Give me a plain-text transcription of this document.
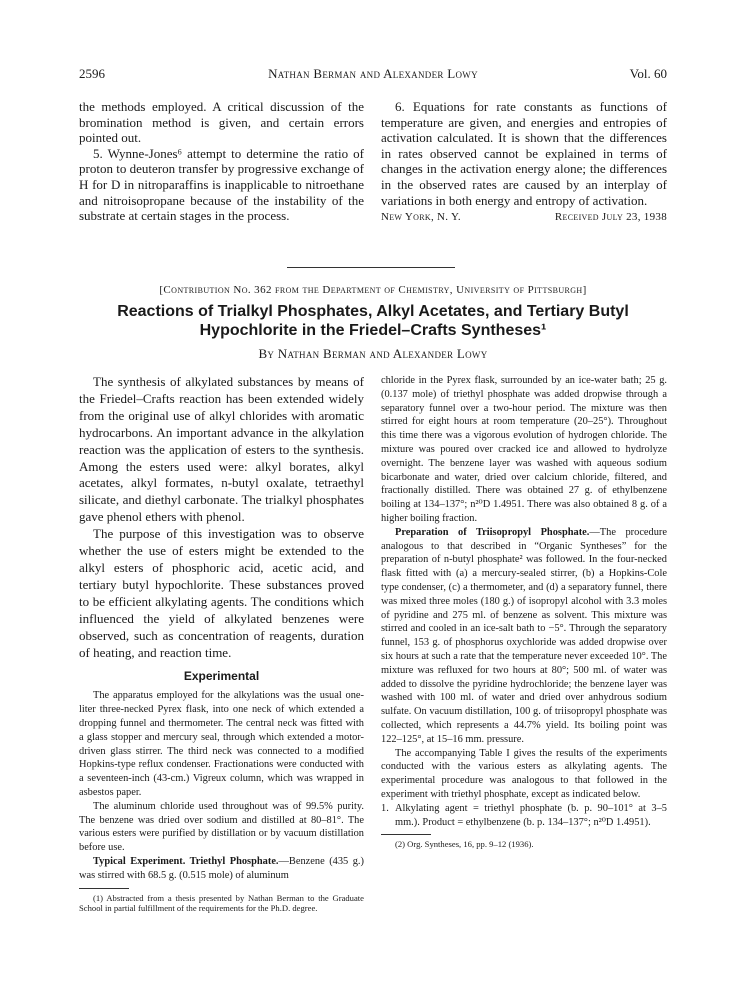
2596	Nathan Berman and Alexander Lowy	Vol. 60

the methods employed. A critical discussion of the bromination method is given, and certain errors pointed out.

5. Wynne-Jones⁶ attempt to determine the ratio of proton to deuteron transfer by progressive exchange of H for D in nitroparaffins is inapplicable to nitroethane and nitroisopropane because of the instability of the substrate at certain stages in the process.

6. Equations for rate constants as functions of temperature are given, and energies and entropies of activation calculated. It is shown that the differences in rates observed cannot be explained in terms of changes in the activation energy alone; the differences in the observed rates are caused by an interplay of variations in both energy and entropy of activation.

New York, N. Y.	Received July 23, 1938
[Contribution No. 362 from the Department of Chemistry, University of Pittsburgh]
Reactions of Trialkyl Phosphates, Alkyl Acetates, and Tertiary Butyl Hypochlorite in the Friedel–Crafts Syntheses¹
By Nathan Berman and Alexander Lowy

The synthesis of alkylated substances by means of the Friedel–Crafts reaction has been extended widely from the original use of alkyl chlorides with aromatic hydrocarbons. An important advance in the alkylation reaction was the application of esters to the synthesis. Among the esters used were: alkyl borates, alkyl acetates, alkyl formates, n-butyl oxalate, tetraethyl silicate, and diethyl carbonate. The trialkyl phosphates gave phenol ethers with phenol.

The purpose of this investigation was to observe whether the use of esters might be extended to the alkyl esters of phosphoric acid, acetic acid, and tertiary butyl hypochlorite. These substances proved to be efficient alkylating agents. The conditions which influenced the yield of alkylated benzenes were observed, such as concentration of reagents, duration of heating, and reaction time.

Experimental

The apparatus employed for the alkylations was the usual one-liter three-necked Pyrex flask, into one neck of which extended a dropping funnel and thermometer. The central neck was fitted with a glass stopper and mercury seal, through which extended a motor-driven glass stirrer. The third neck was connected to a modified Hopkins-type reflux condenser. Fractionations were conducted with a seventeen-inch (43-cm.) Vigreux column, which was wrapped in asbestos paper.

The aluminum chloride used throughout was of 99.5% purity. The benzene was dried over sodium and distilled at 80–81°. The various esters were purified by distillation or by vacuum distillation before use.

Typical Experiment. Triethyl Phosphate.—Benzene (435 g.) was stirred with 68.5 g. (0.515 mole) of aluminum

(1) Abstracted from a thesis presented by Nathan Berman to the Graduate School in partial fulfillment of the requirements for the Ph.D. degree.

chloride in the Pyrex flask, surrounded by an ice-water bath; 25 g. (0.137 mole) of triethyl phosphate was added dropwise through a separatory funnel over a two-hour period. The mixture was then stirred for eight hours at room temperature (20–25°). Throughout this time there was a vigorous evolution of hydrogen chloride. The mixture was poured over cracked ice and allowed to hydrolyze overnight. The benzene layer was washed with aqueous sodium bicarbonate and water, dried over calcium chloride, filtered, and fractionally distilled. There was obtained 27 g. of ethylbenzene boiling at 134–137°; n²⁰D 1.4951. There was also obtained 8 g. of a higher boiling fraction.

Preparation of Triisopropyl Phosphate.—The procedure analogous to that described in “Organic Syntheses” for the preparation of n-butyl phosphate² was followed. In the four-necked flask fitted with (a) a mercury-sealed stirrer, (b) a Hopkins-Cole type condenser, (c) a thermometer, and (d) a separatory funnel, there was mixed three moles (180 g.) of isopropyl alcohol with 3.3 moles of pyridine and 275 ml. of benzene as solvent. This mixture was stirred and cooled in an ice-salt bath to −5°. Through the separatory funnel, 153 g. of phosphorus oxychloride was added dropwise over six hours at such a rate that the temperature never exceeded 10°. The mixture was refluxed for two hours at 80°; 500 ml. of water was added to dissolve the pyridine hydrochloride; the benzene layer was washed with 100 ml. of water and dried over anhydrous sodium sulfate. On vacuum distillation, 100 g. of triisopropyl phosphate was collected, which represents a 44.7% yield. Its boiling point was 122–125°, at 15–16 mm. pressure.

The accompanying Table I gives the results of the experiments conducted with the various esters as alkylating agents. The experimental procedure was analogous to that followed in the experiment with triethyl phosphate, except as indicated below.

1. Alkylating agent = triethyl phosphate (b. p. 90–101° at 3–5 mm.). Product = ethylbenzene (b. p. 134–137°; n²⁰D 1.4951).

(2) Org. Syntheses, 16, pp. 9–12 (1936).
